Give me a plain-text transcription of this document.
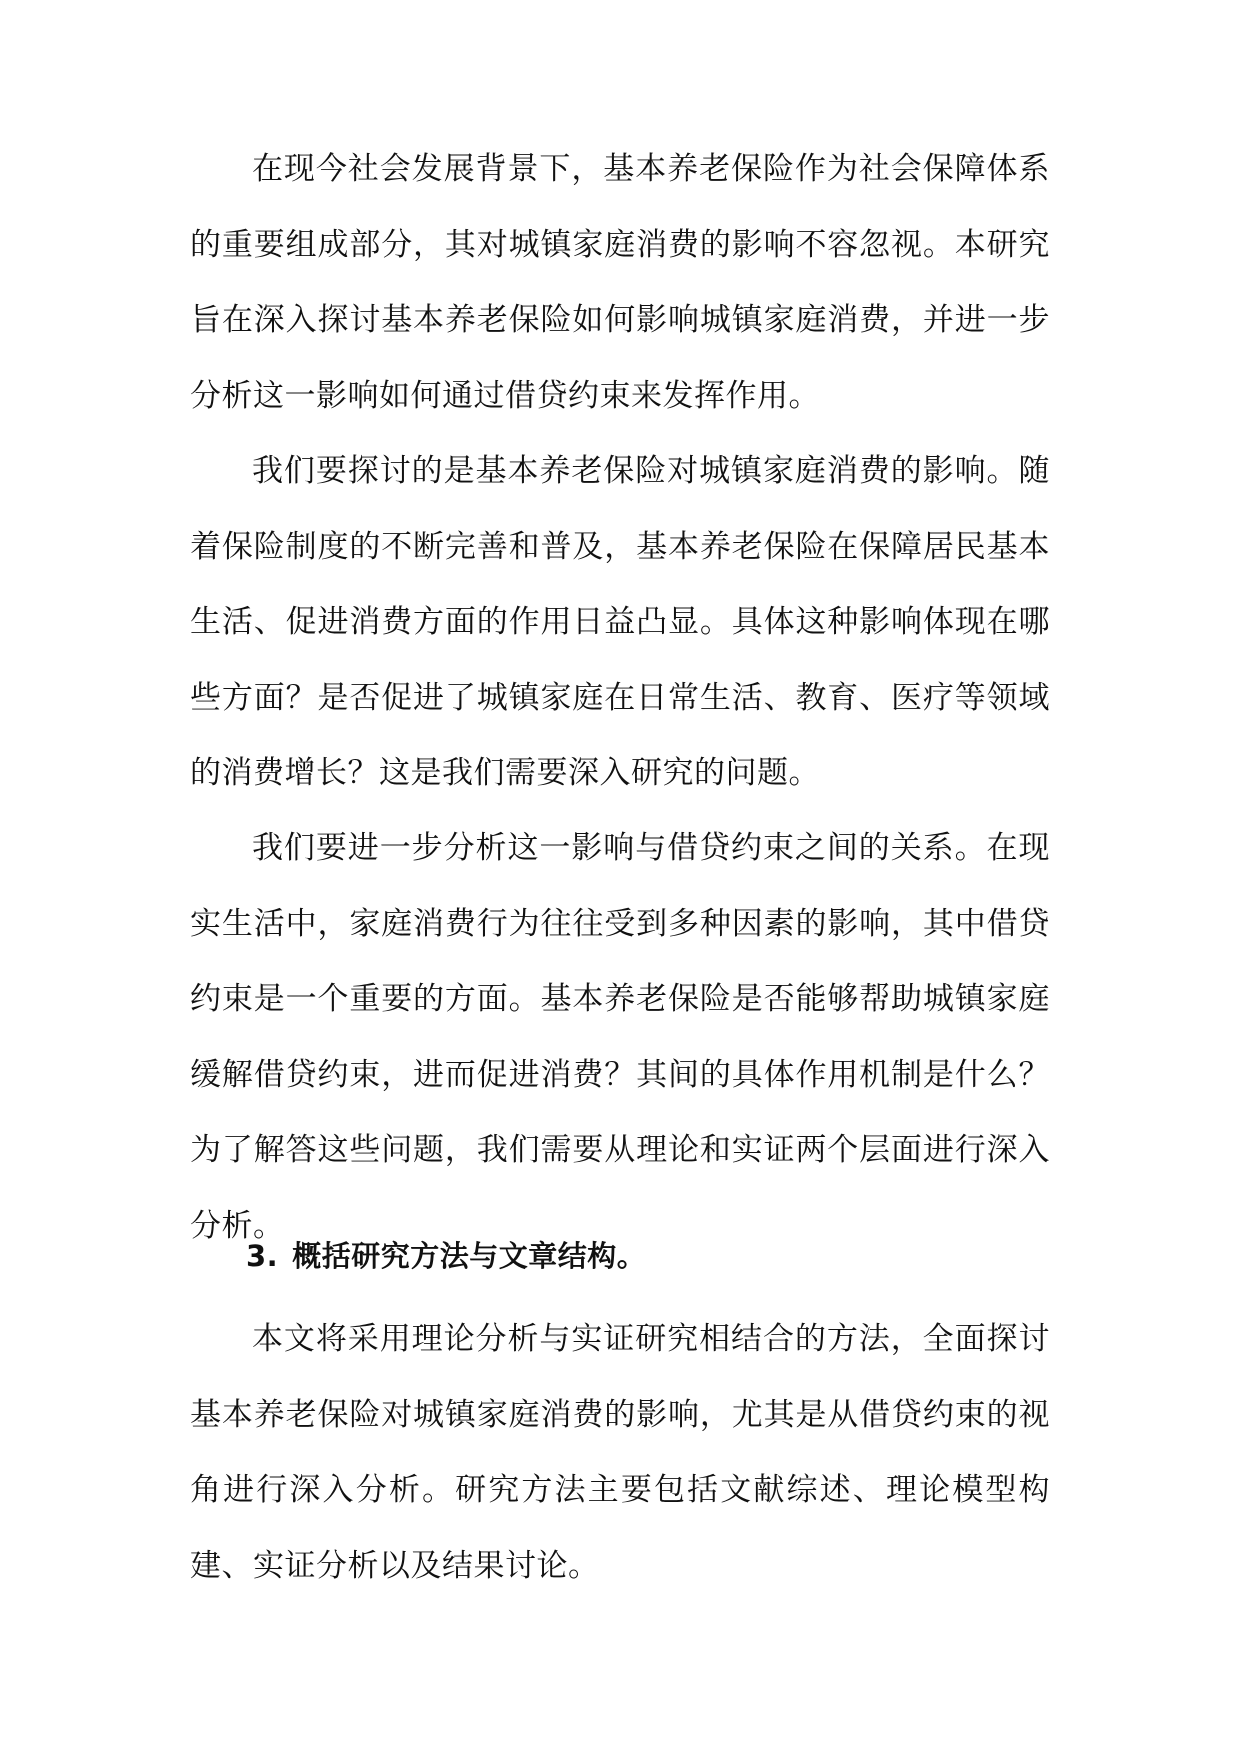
在现今社会发展背景下，基本养老保险作为社会保障体系的重要组成部分，其对城镇家庭消费的影响不容忽视。本研究旨在深入探讨基本养老保险如何影响城镇家庭消费，并进一步分析这一影响如何通过借贷约束来发挥作用。

我们要探讨的是基本养老保险对城镇家庭消费的影响。随着保险制度的不断完善和普及，基本养老保险在保障居民基本生活、促进消费方面的作用日益凸显。具体这种影响体现在哪些方面？是否促进了城镇家庭在日常生活、教育、医疗等领域的消费增长？这是我们需要深入研究的问题。

我们要进一步分析这一影响与借贷约束之间的关系。在现实生活中，家庭消费行为往往受到多种因素的影响，其中借贷约束是一个重要的方面。基本养老保险是否能够帮助城镇家庭缓解借贷约束，进而促进消费？其间的具体作用机制是什么？为了解答这些问题，我们需要从理论和实证两个层面进行深入分析。

3. 概括研究方法与文章结构。

本文将采用理论分析与实证研究相结合的方法，全面探讨基本养老保险对城镇家庭消费的影响，尤其是从借贷约束的视角进行深入分析。研究方法主要包括文献综述、理论模型构建、实证分析以及结果讨论。
